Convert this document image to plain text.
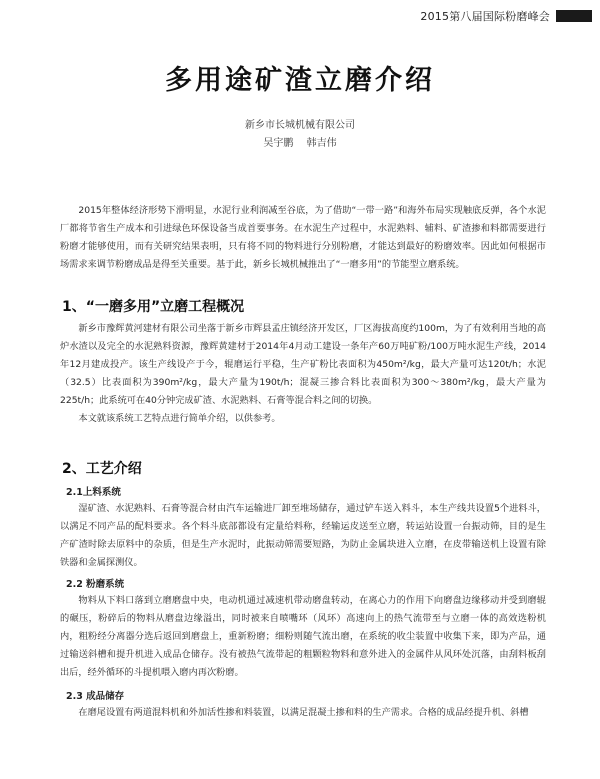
2015第八届国际粉磨峰会
多用途矿渣立磨介绍
新乡市长城机械有限公司
吴宇鹏 韩吉伟

2015年整体经济形势下滑明显，水泥行业利润减至谷底，为了借助“一带一路”和海外布局实现触底反弹，各个水泥厂都将节省生产成本和引进绿色环保设备当成首要事务。在水泥生产过程中，水泥熟料、辅料、矿渣掺和料都需要进行粉磨才能够使用，而有关研究结果表明，只有将不同的物料进行分别粉磨，才能达到最好的粉磨效率。因此如何根据市场需求来调节粉磨成品是得至关重要。基于此，新乡长城机械推出了“一磨多用”的节能型立磨系统。

1、“一磨多用”立磨工程概况

新乡市豫辉黄河建材有限公司坐落于新乡市辉县孟庄镇经济开发区，厂区海拔高度约100m，为了有效利用当地的高炉水渣以及完全的水泥熟料资源，豫辉黄建材于2014年4月动工建设一条年产60万吨矿粉/100万吨水泥生产线，2014年12月建成投产。该生产线设产于今，辊磨运行平稳，生产矿粉比表面积为450m²/kg，最大产量可达120t/h；水泥（32.5）比表面积为390m²/kg，最大产量为190t/h；混凝三掺合料比表面积为300～380m²/kg，最大产量为225t/h；此系统可在40分钟完成矿渣、水泥熟料、石膏等混合料之间的切换。

本文就该系统工艺特点进行简单介绍，以供参考。

2、工艺介绍
2.1上料系统

湿矿渣、水泥熟料、石膏等混合材由汽车运输进厂卸至堆场储存，通过铲车送入料斗，本生产线共设置5个进料斗，以满足不同产品的配料要求。各个料斗底部都设有定量给料称，经输运皮送至立磨，转运站设置一台振动筛，目的是生产矿渣时除去原料中的杂质，但是生产水泥时，此振动筛需要短路，为防止金属块进入立磨，在皮带输送机上设置有除铁器和金属探测仪。

2.2 粉磨系统

物料从下料口落到立磨磨盘中央，电动机通过减速机带动磨盘转动，在离心力的作用下向磨盘边缘移动并受到磨辊的碾压，粉碎后的物料从磨盘边缘溢出，同时被来自喷嘴环（风环）高速向上的热气流带至与立磨一体的高效选粉机内，粗粉经分离器分选后返回到磨盘上，重新粉磨；细粉则随气流出磨，在系统的收尘装置中收集下来，即为产品，通过输送斜槽和提升机进入成品仓储存。没有被热气流带起的粗颗粒物料和意外进入的金属件从风环处沉落，由刮料板刮出后，经外循环的斗提机喂入磨内再次粉磨。

2.3 成品储存

在磨尾设置有两道混料机和外加活性掺和料装置，以满足混凝土掺和料的生产需求。合格的成品经提升机、斜槽
